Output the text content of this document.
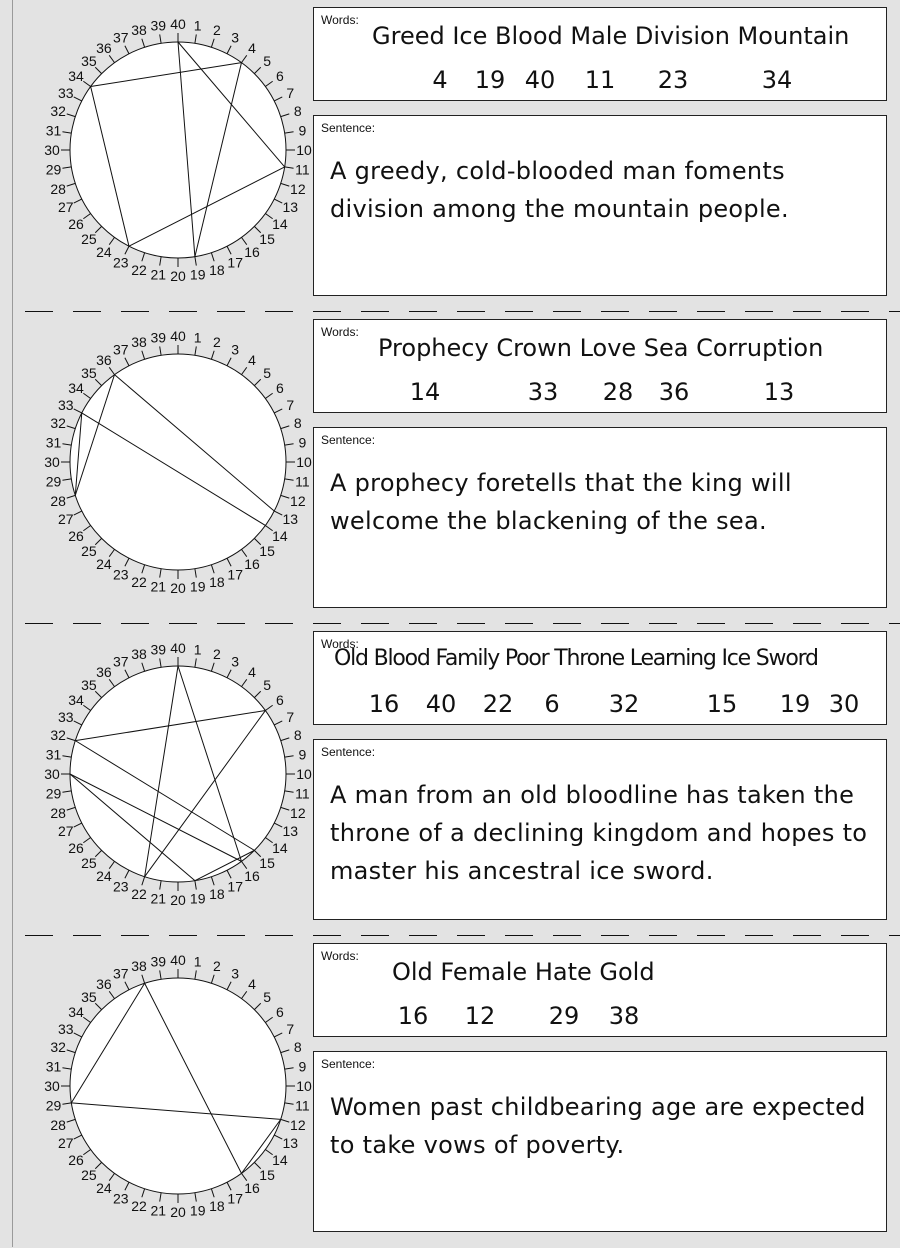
1 2 3
4
5
6
7
8
9
10
11
12
13
14
15
16
17
18
19
20
21
22
23
24
25
26
27
28
29
30
31
32
33
34
35
36
37 38 39 40	Words:
Greed Ice Blood Male Division Mountain
4 19 40 11 23	34
Sentence:
A greedy, cold-blooded man foments division among the mountain people.
1 2 3
4
5
6
7
8
9
10
11
12
13
14
15
16
17
18
19
20
21
22
23
24
25
26
27
28
29
30
31
32
33
34
35
36
37 38 39 40	Words:
Prophecy Crown Love Sea Corruption
14	33 28 36	13
Sentence:
A prophecy foretells that the king will welcome the blackening of the sea.
1 2 3
4
5
6
7
8
9
10
11
12
13
14
15
16
17
18
19
20
21
22
23
24
25
26
27
28
29
30
31
32
33
34
35
36
37 38 39 40	Words:
Old Blood Family Poor Throne Learning Ice Sword
16 40 22 6 32	15 19 30
Sentence:
A man from an old bloodline has taken the throne of a declining kingdom and hopes to master his ancestral ice sword.
1 2 3
4
5
6
7
8
9
10
11
12
13
14
15
16
17
18
19
20
21
22
23
24
25
26
27
28
29
30
31
32
33
34
35
36
37 38 39 40	Words:
Old Female Hate Gold
16 12 29 38
Sentence:
Women past childbearing age are expected to take vows of poverty.
